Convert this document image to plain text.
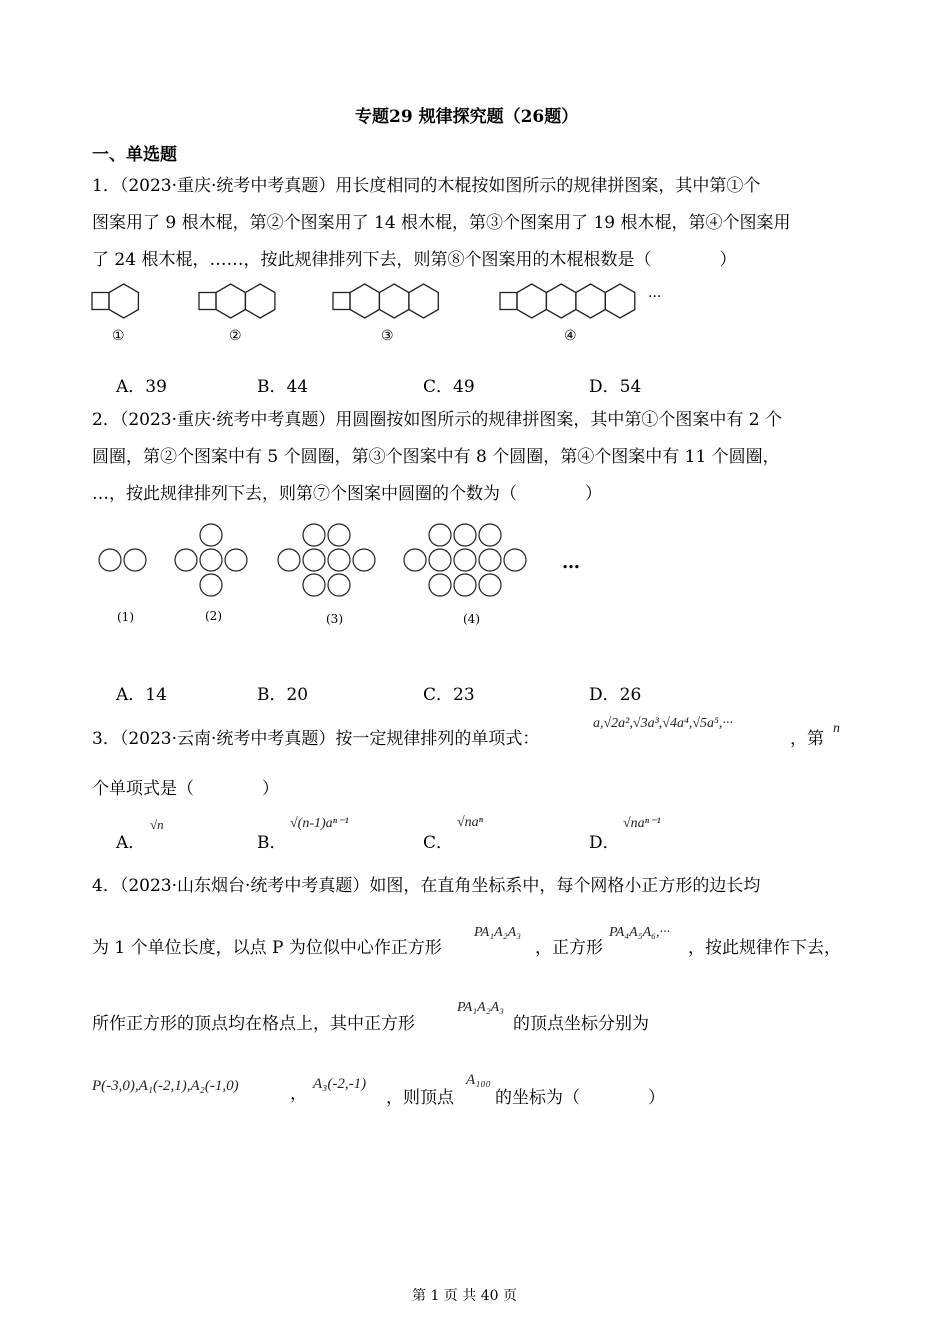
专题29 规律探究题（26题）
一、单选题
1．（2023·重庆·统考中考真题）用长度相同的木棍按如图所示的规律拼图案，其中第①个
图案用了 9 根木棍，第②个图案用了 14 根木棍，第③个图案用了 19 根木棍，第④个图案用
了 24 根木棍，……，按此规律排列下去，则第⑧个图案用的木棍根数是（　　　　）
①	②	③	④
···
A．39	B．44	C．49	D．54
2．（2023·重庆·统考中考真题）用圆圈按如图所示的规律拼图案，其中第①个图案中有 2 个
圆圈，第②个图案中有 5 个圆圈，第③个图案中有 8 个圆圈，第④个图案中有 11 个圆圈，
…，按此规律排列下去，则第⑦个图案中圆圈的个数为（　　　　）
(1)	(2)	(3)	(4)
…
A．14	B．20	C．23	D．26
3．（2023·云南·统考中考真题）按一定规律排列的单项式：
a,√2a²,√3a³,√4a⁴,√5a⁵,···
，第
n
个单项式是（　　　　）
A．
√n
B．
√(n-1)aⁿ⁻¹
C．
√naⁿ
D．
√naⁿ⁻¹
4．（2023·山东烟台·统考中考真题）如图，在直角坐标系中，每个网格小正方形的边长均
为 1 个单位长度，以点 P 为位似中心作正方形
PA₁A₂A₃
，正方形
PA₄A₅A₆,···
，按此规律作下去，
所作正方形的顶点均在格点上，其中正方形
PA₁A₂A₃
的顶点坐标分别为
P(-3,0),A₁(-2,1),A₂(-1,0)	， A₃(-2,-1)
，则顶点
A₁₀₀
的坐标为（　　　　）
第 1 页 共 40 页
